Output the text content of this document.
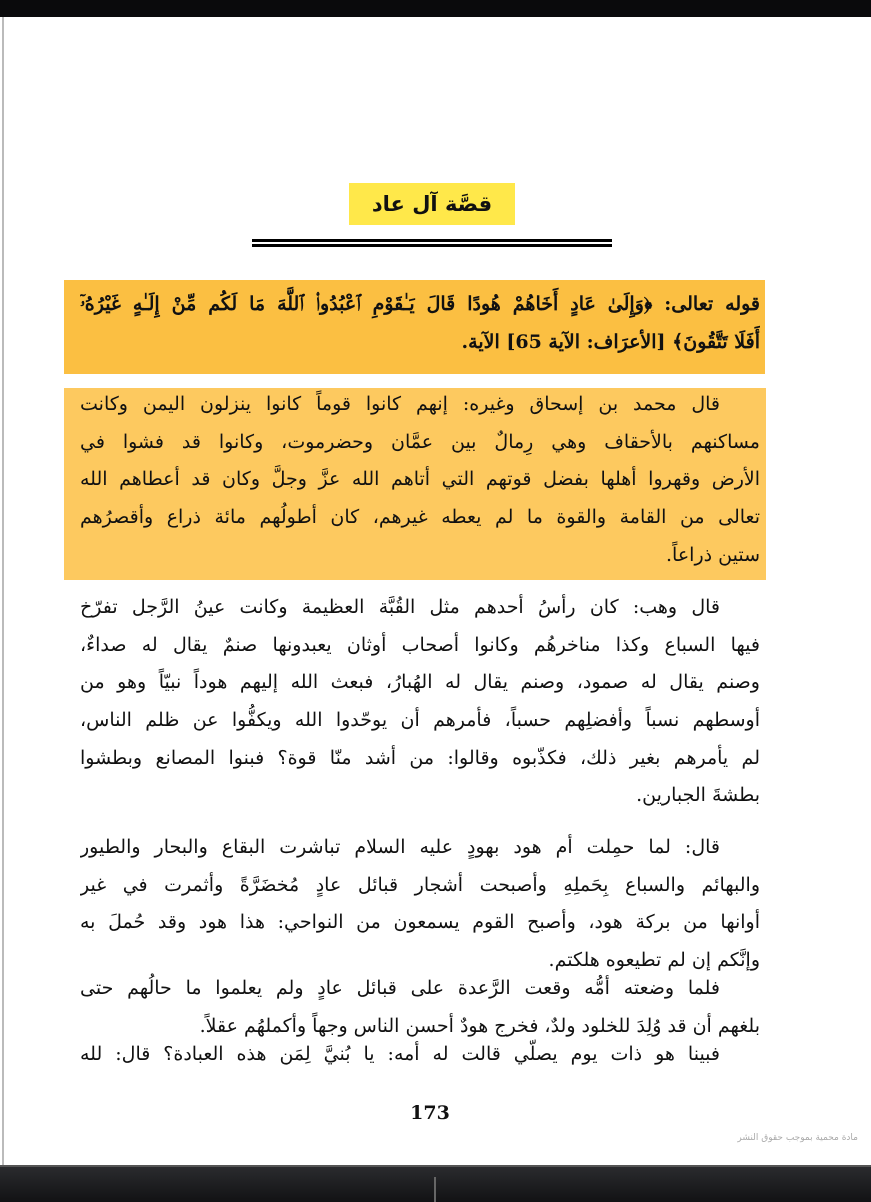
قصَّة آل عاد
قوله تعالى: ﴿وَإِلَىٰ عَادٍ أَخَاهُمْ هُودًا قَالَ يَـٰقَوْمِ ٱعْبُدُوا۟ ٱللَّهَ مَا لَكُم مِّنْ إِلَـٰهٍ غَيْرُهُۥٓ
أَفَلَا تَتَّقُونَ﴾ [الأعرَاف: الآية 65] الآية.
قال محمد بن إسحاق وغيره: إنهم كانوا قوماً كانوا ينزلون اليمن وكانت
مساكنهم بالأحقاف وهي رِمالٌ بين عمَّان وحضرموت، وكانوا قد فشوا في
الأرض وقهروا أهلها بفضل قوتهم التي أتاهم الله عزَّ وجلَّ وكان قد أعطاهم الله
تعالى من القامة والقوة ما لم يعطه غيرهم، كان أطولُهم مائة ذراع وأقصرُهم
ستين ذراعاً.
قال وهب: كان رأسُ أحدهم مثل القُبَّة العظيمة وكانت عينُ الرَّجل تفرّخ
فيها السباع وكذا مناخرهُم وكانوا أصحاب أوثان يعبدونها صنمٌ يقال له صداءٌ،
وصنم يقال له صمود، وصنم يقال له الهُبارُ، فبعث الله إليهم هوداً نبيّاً وهو من
أوسطهم نسباً وأفضلِهم حسباً، فأمرهم أن يوحّدوا الله ويكفُّوا عن ظلم الناس،
لم يأمرهم بغير ذلك، فكذّبوه وقالوا: من أشد منّا قوة؟ فبنوا المصانع وبطشوا
بطشةَ الجبارين.
قال: لما حمِلت أم هود بهودٍ عليه السلام تباشرت البقاع والبحار والطيور
والبهائم والسباع بِحَملِهِ وأصبحت أشجار قبائل عادٍ مُخضَرَّةً وأثمرت في غير
أوانها من بركة هود، وأصبح القوم يسمعون من النواحي: هذا هود وقد حُملَ به
وإنَّكم إن لم تطيعوه هلكتم.
فلما وضعته أمُّه وقعت الرَّعدة على قبائل عادٍ ولم يعلموا ما حالُهم حتى
بلغهم أن قد وُلِدَ للخلود ولدٌ، فخرج هودٌ أحسن الناس وجهاً وأكملهُم عقلاً.
فبينا هو ذات يوم يصلّي قالت له أمه: يا بُنيَّ لِمَن هذه العبادة؟ قال: لله
173
مادة محمية بموجب حقوق النشر
